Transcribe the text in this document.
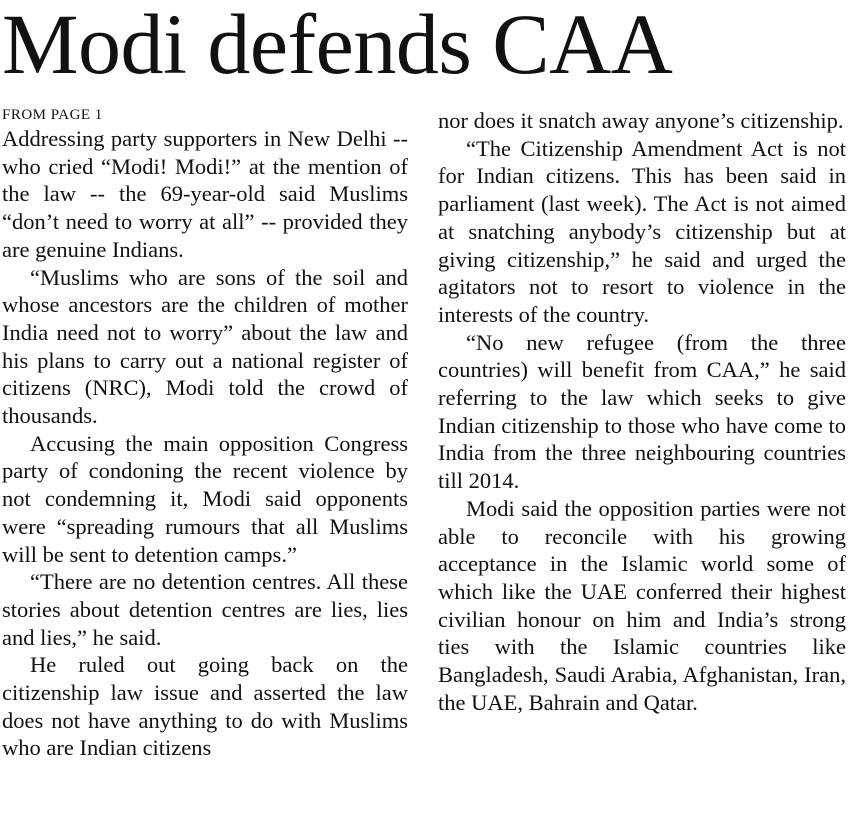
Modi defends CAA
FROM PAGE 1

Addressing party supporters in New Delhi -- who cried “Modi! Modi!” at the mention of the law -- the 69-year-old said Muslims “don’t need to worry at all” -- provided they are genuine Indians.

“Muslims who are sons of the soil and whose ancestors are the children of mother India need not to worry” about the law and his plans to carry out a national register of citizens (NRC), Modi told the crowd of thousands.

Accusing the main opposition Congress party of condoning the recent violence by not condemning it, Modi said opponents were “spreading rumours that all Muslims will be sent to detention camps.”

“There are no detention centres. All these stories about detention centres are lies, lies and lies,” he said.

He ruled out going back on the citizenship law issue and asserted the law does not have anything to do with Muslims who are Indian citizens

nor does it snatch away anyone’s citizenship.

“The Citizenship Amendment Act is not for Indian citizens. This has been said in parliament (last week). The Act is not aimed at snatching anybody’s citizenship but at giving citizenship,” he said and urged the agitators not to resort to violence in the interests of the country.

“No new refugee (from the three countries) will benefit from CAA,” he said referring to the law which seeks to give Indian citizenship to those who have come to India from the three neighbouring countries till 2014.

Modi said the opposition parties were not able to reconcile with his growing acceptance in the Islamic world some of which like the UAE conferred their highest civilian honour on him and India’s strong ties with the Islamic countries like Bangladesh, Saudi Arabia, Afghanistan, Iran, the UAE, Bahrain and Qatar.
